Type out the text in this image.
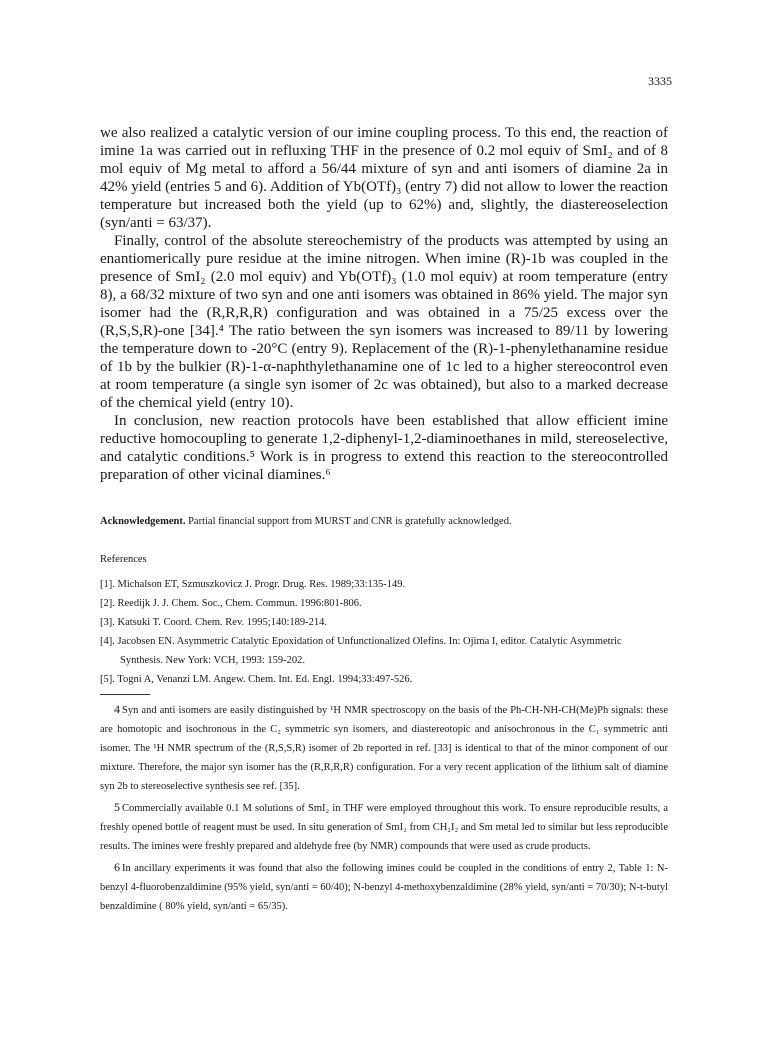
3335

we also realized a catalytic version of our imine coupling process. To this end, the reaction of imine 1a was carried out in refluxing THF in the presence of 0.2 mol equiv of SmI₂ and of 8 mol equiv of Mg metal to afford a 56/44 mixture of syn and anti isomers of diamine 2a in 42% yield (entries 5 and 6). Addition of Yb(OTf)₃ (entry 7) did not allow to lower the reaction temperature but increased both the yield (up to 62%) and, slightly, the diastereoselection (syn/anti = 63/37).

Finally, control of the absolute stereochemistry of the products was attempted by using an enantiomerically pure residue at the imine nitrogen. When imine (R)-1b was coupled in the presence of SmI₂ (2.0 mol equiv) and Yb(OTf)₃ (1.0 mol equiv) at room temperature (entry 8), a 68/32 mixture of two syn and one anti isomers was obtained in 86% yield. The major syn isomer had the (R,R,R,R) configuration and was obtained in a 75/25 excess over the (R,S,S,R)-one [34].⁴ The ratio between the syn isomers was increased to 89/11 by lowering the temperature down to -20°C (entry 9). Replacement of the (R)-1-phenylethanamine residue of 1b by the bulkier (R)-1-α-naphthylethanamine one of 1c led to a higher stereocontrol even at room temperature (a single syn isomer of 2c was obtained), but also to a marked decrease of the chemical yield (entry 10).

In conclusion, new reaction protocols have been established that allow efficient imine reductive homocoupling to generate 1,2-diphenyl-1,2-diaminoethanes in mild, stereoselective, and catalytic conditions.⁵ Work is in progress to extend this reaction to the stereocontrolled preparation of other vicinal diamines.⁶

Acknowledgement. Partial financial support from MURST and CNR is gratefully acknowledged.

References
[1]. Michalson ET, Szmuszkovicz J. Progr. Drug. Res. 1989;33:135-149.
[2]. Reedijk J. J. Chem. Soc., Chem. Commun. 1996:801-806.
[3]. Katsuki T. Coord. Chem. Rev. 1995;140:189-214.
[4]. Jacobsen EN. Asymmetric Catalytic Epoxidation of Unfunctionalized Olefins. In: Ojima I, editor. Catalytic Asymmetric
Synthesis. New York: VCH, 1993: 159-202.
[5]. Togni A, Venanzi LM. Angew. Chem. Int. Ed. Engl. 1994;33:497-526.

4 Syn and anti isomers are easily distinguished by ¹H NMR spectroscopy on the basis of the Ph-CH-NH-CH(Me)Ph signals: these are homotopic and isochronous in the C₂ symmetric syn isomers, and diastereotopic and anisochronous in the C₁ symmetric anti isomer. The ¹H NMR spectrum of the (R,S,S,R) isomer of 2b reported in ref. [33] is identical to that of the minor component of our mixture. Therefore, the major syn isomer has the (R,R,R,R) configuration. For a very recent application of the lithium salt of diamine syn 2b to stereoselective synthesis see ref. [35].

5 Commercially available 0.1 M solutions of SmI₂ in THF were employed throughout this work. To ensure reproducible results, a freshly opened bottle of reagent must be used. In situ generation of SmI₂ from CH₂I₂ and Sm metal led to similar but less reproducible results. The imines were freshly prepared and aldehyde free (by NMR) compounds that were used as crude products.

6 In ancillary experiments it was found that also the following imines could be coupled in the conditions of entry 2, Table 1: N-benzyl 4-fluorobenzaldimine (95% yield, syn/anti = 60/40); N-benzyl 4-methoxybenzaldimine (28% yield, syn/anti = 70/30); N-t-butyl benzaldimine ( 80% yield, syn/anti = 65/35).
